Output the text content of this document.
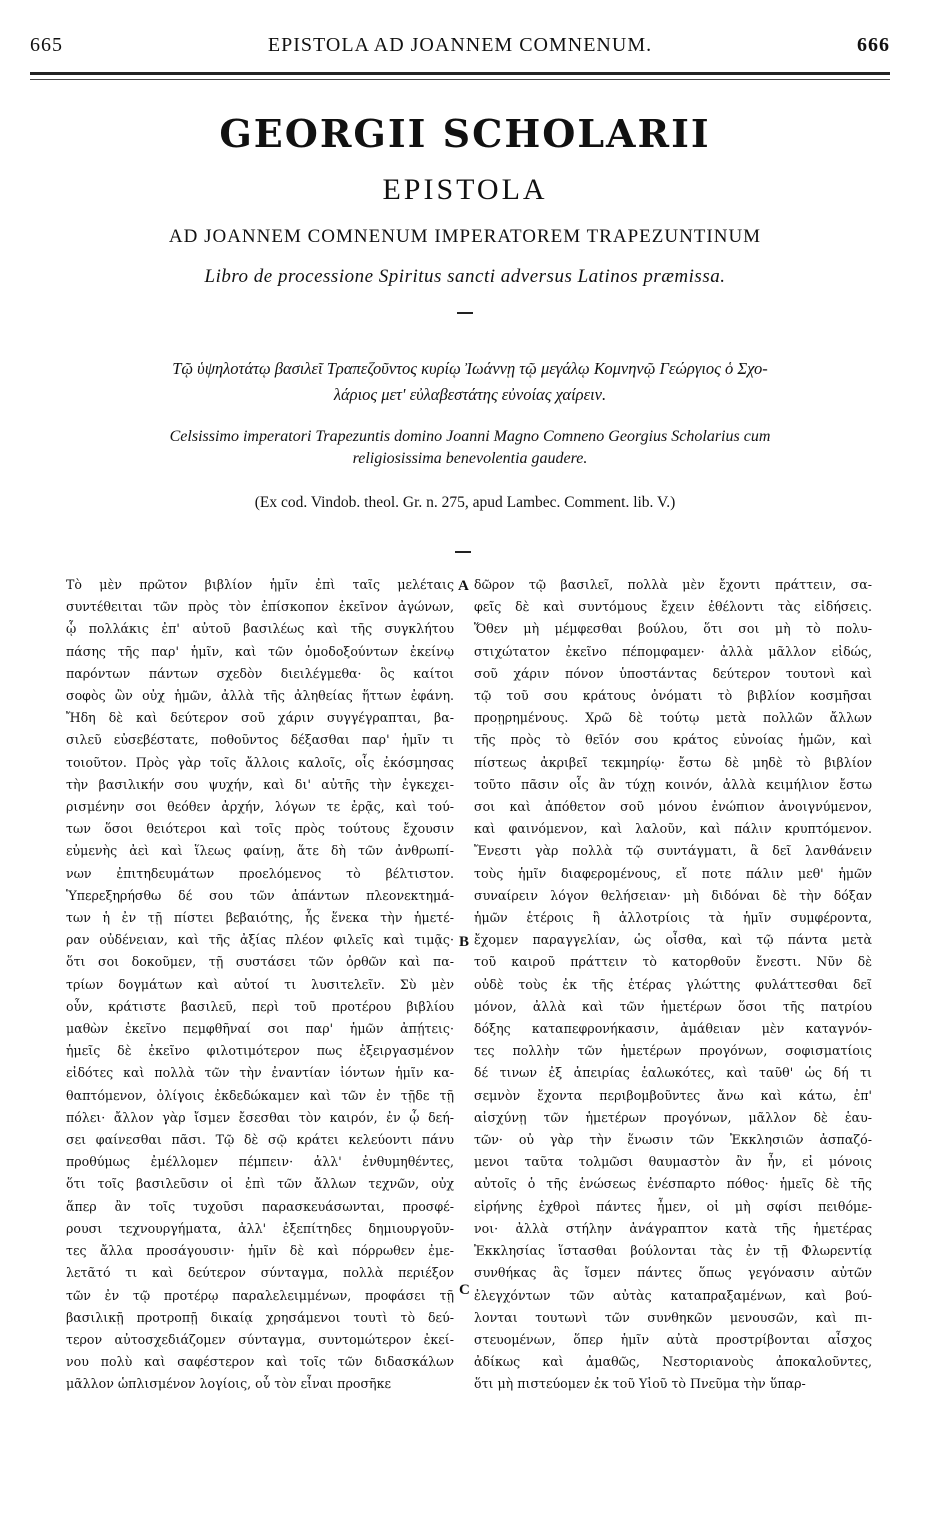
665	EPISTOLA AD JOANNEM COMNENUM.	666
GEORGII SCHOLARII
EPISTOLA
AD JOANNEM COMNENUM IMPERATOREM TRAPEZUNTINUM
Libro de processione Spiritus sancti adversus Latinos præmissa.
Τῷ ὑψηλοτάτῳ βασιλεῖ Τραπεζοῦντος κυρίῳ Ἰωάννῃ τῷ μεγάλῳ Κομνηνῷ Γεώργιος ὁ Σχο-
λάριος μετ' εὐλαβεστάτης εὐνοίας χαίρειν.
Celsissimo imperatori Trapezuntis domino Joanni Magno Comneno Georgius Scholarius cum
religiosissima benevolentia gaudere.
(Ex cod. Vindob. theol. Gr. n. 275, apud Lambec. Comment. lib. V.)
Τὸ μὲν πρῶτον βιβλίον ἡμῖν ἐπὶ ταῖς μελέταις
συντέθειται τῶν πρὸς τὸν ἐπίσκοπον ἐκεῖνον ἀγώνων,
ᾧ πολλάκις ἐπ' αὐτοῦ βασιλέως καὶ τῆς συγκλήτου
πάσης τῆς παρ' ἡμῖν, καὶ τῶν ὁμοδοξούντων ἐκείνῳ
παρόντων πάντων σχεδὸν διειλέγμεθα· ὃς καίτοι
σοφὸς ὢν οὐχ ἡμῶν, ἀλλὰ τῆς ἀληθείας ἥττων ἐφάνη.
Ἤδη δὲ καὶ δεύτερον σοῦ χάριν συγγέγραπται, βα-
σιλεῦ εὐσεβέστατε, ποθοῦντος δέξασθαι παρ' ἡμῖν τι
τοιοῦτον. Πρὸς γὰρ τοῖς ἄλλοις καλοῖς, οἷς ἐκόσμησας
τὴν βασιλικήν σου ψυχήν, καὶ δι' αὐτῆς τὴν ἐγκεχει-
ρισμένην σοι θεόθεν ἀρχήν, λόγων τε ἐρᾷς, καὶ τού-
των ὅσοι θειότεροι καὶ τοῖς πρὸς τούτους ἔχουσιν
εὐμενὴς ἀεὶ καὶ ἵλεως φαίνῃ, ἅτε δὴ τῶν ἀνθρωπί-
νων ἐπιτηδευμάτων προελόμενος τὸ βέλτιστον.
Ὑπερεξηρήσθω δέ σου τῶν ἁπάντων πλεονεκτημά-
των ἡ ἐν τῇ πίστει βεβαιότης, ἧς ἕνεκα τὴν ἡμετέ-
ραν οὐδένειαν, καὶ τῆς ἀξίας πλέον φιλεῖς καὶ τιμᾷς·
ὅτι σοι δοκοῦμεν, τῇ συστάσει τῶν ὀρθῶν καὶ πα-
τρίων δογμάτων καὶ αὐτοί τι λυσιτελεῖν. Σὺ μὲν
οὖν, κράτιστε βασιλεῦ, περὶ τοῦ προτέρου βιβλίου
μαθὼν ἐκεῖνο πεμφθῆναί σοι παρ' ἡμῶν ἀπῄτεις·
ἡμεῖς δὲ ἐκεῖνο φιλοτιμότερον πως ἐξειργασμένον
εἰδότες καὶ πολλὰ τῶν τὴν ἐναντίαν ἰόντων ἡμῖν κα-
θαπτόμενον, ὀλίγοις ἐκδεδώκαμεν καὶ τῶν ἐν τῇδε τῇ
πόλει· ἄλλον γὰρ ἴσμεν ἔσεσθαι τὸν καιρόν, ἐν ᾧ δεή-
σει φαίνεσθαι πᾶσι. Τῷ δὲ σῷ κράτει κελεύοντι πάνυ
προθύμως ἐμέλλομεν πέμπειν· ἀλλ' ἐνθυμηθέντες,
ὅτι τοῖς βασιλεῦσιν οἱ ἐπὶ τῶν ἄλλων τεχνῶν, οὐχ
ἅπερ ἂν τοῖς τυχοῦσι παρασκευάσωνται, προσφέ-
ρουσι τεχνουργήματα, ἀλλ' ἐξεπίτηδες δημιουργοῦν-
τες ἄλλα προσάγουσιν· ἡμῖν δὲ καὶ πόρρωθεν ἐμε-
λετᾶτό τι καὶ δεύτερον σύνταγμα, πολλὰ περιέξον
τῶν ἐν τῷ προτέρῳ παραλελειμμένων, προφάσει τῇ
βασιλικῇ προτροπῇ δικαίᾳ χρησάμενοι τουτὶ τὸ δεύ-
τερον αὐτοσχεδιάζομεν σύνταγμα, συντομώτερον ἐκεί-
νου πολὺ καὶ σαφέστερον καὶ τοῖς τῶν διδασκάλων
μᾶλλον ὡπλισμένον λογίοις, οὗ τὸν εἶναι προσῆκε
δῶρον τῷ βασιλεῖ, πολλὰ μὲν ἔχοντι πράττειν, σα-
φεῖς δὲ καὶ συντόμους ἔχειν ἐθέλοντι τὰς εἰδήσεις.
Ὅθεν μὴ μέμφεσθαι βούλου, ὅτι σοι μὴ τὸ πολυ-
στιχώτατον ἐκεῖνο πέπομφαμεν· ἀλλὰ μᾶλλον εἰδώς,
σοῦ χάριν πόνον ὑποστάντας δεύτερον τουτονὶ καὶ
τῷ τοῦ σου κράτους ὀνόματι τὸ βιβλίον κοσμῆσαι
προῃρημένους. Χρῶ δὲ τούτῳ μετὰ πολλῶν ἄλλων
τῆς πρὸς τὸ θεῖόν σου κράτος εὐνοίας ἡμῶν, καὶ
πίστεως ἀκριβεῖ τεκμηρίῳ· ἔστω δὲ μηδὲ τὸ βιβλίον
τοῦτο πᾶσιν οἷς ἂν τύχῃ κοινόν, ἀλλὰ κειμήλιον ἔστω
σοι καὶ ἀπόθετον σοῦ μόνου ἐνώπιον ἀνοιγνύμενον,
καὶ φαινόμενον, καὶ λαλοῦν, καὶ πάλιν κρυπτόμενον.
Ἔνεστι γὰρ πολλὰ τῷ συντάγματι, ἃ δεῖ λανθάνειν
τοὺς ἡμῖν διαφερομένους, εἴ ποτε πάλιν μεθ' ἡμῶν
συναίρειν λόγον θελήσειαν· μὴ διδόναι δὲ τὴν δόξαν
ἡμῶν ἑτέροις ἢ ἀλλοτρίοις τὰ ἡμῖν συμφέροντα,
ἔχομεν παραγγελίαν, ὡς οἶσθα, καὶ τῷ πάντα μετὰ
τοῦ καιροῦ πράττειν τὸ κατορθοῦν ἔνεστι. Νῦν δὲ
οὐδὲ τοὺς ἐκ τῆς ἑτέρας γλώττης φυλάττεσθαι δεῖ
μόνον, ἀλλὰ καὶ τῶν ἡμετέρων ὅσοι τῆς πατρίου
δόξης καταπεφρονήκασιν, ἀμάθειαν μὲν καταγνόν-
τες πολλὴν τῶν ἡμετέρων προγόνων, σοφισματίοις
δέ τινων ἐξ ἀπειρίας ἑαλωκότες, καὶ ταῦθ' ὡς δή τι
σεμνὸν ἔχοντα περιβομβοῦντες ἄνω καὶ κάτω, ἐπ'
αἰσχύνῃ τῶν ἡμετέρων προγόνων, μᾶλλον δὲ ἑαυ-
τῶν· οὐ γὰρ τὴν ἕνωσιν τῶν Ἐκκλησιῶν ἀσπαζό-
μενοι ταῦτα τολμῶσι θαυμαστὸν ἂν ἦν, εἰ μόνοις
αὐτοῖς ὁ τῆς ἑνώσεως ἐνέσπαρτο πόθος· ἡμεῖς δὲ τῆς
εἰρήνης ἐχθροὶ πάντες ἦμεν, οἱ μὴ σφίσι πειθόμε-
νοι· ἀλλὰ στήλην ἀνάγραπτον κατὰ τῆς ἡμετέρας
Ἐκκλησίας ἵστασθαι βούλονται τὰς ἐν τῇ Φλωρεντίᾳ
συνθήκας ἃς ἴσμεν πάντες ὅπως γεγόνασιν αὐτῶν
ἐλεγχόντων τῶν αὐτὰς καταπραξαμένων, καὶ βού-
λονται τουτωνὶ τῶν συνθηκῶν μενουσῶν, καὶ πι-
στευομένων, ὅπερ ἡμῖν αὐτὰ προστρίβονται αἶσχος
ἀδίκως καὶ ἀμαθῶς, Νεστοριανοὺς ἀποκαλοῦντες,
ὅτι μὴ πιστεύομεν ἐκ τοῦ Υἱοῦ τὸ Πνεῦμα τὴν ὕπαρ-
A
B
C
